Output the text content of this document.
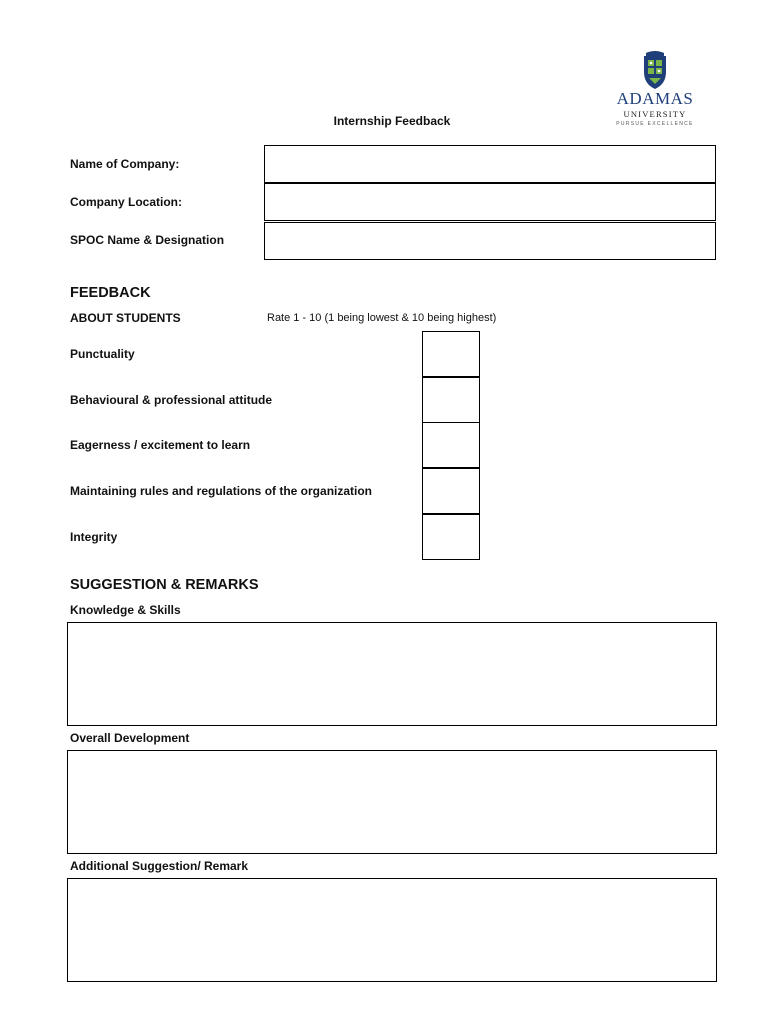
ADAMAS
UNIVERSITY
PURSUE EXCELLENCE
Internship Feedback
Name of Company:
Company Location:
SPOC Name & Designation
FEEDBACK
ABOUT STUDENTS	Rate 1 - 10 (1 being lowest & 10 being highest)
Punctuality
Behavioural & professional attitude
Eagerness / excitement to learn
Maintaining rules and regulations of the organization
Integrity
SUGGESTION & REMARKS
Knowledge & Skills
Overall Development
Additional Suggestion/ Remark
